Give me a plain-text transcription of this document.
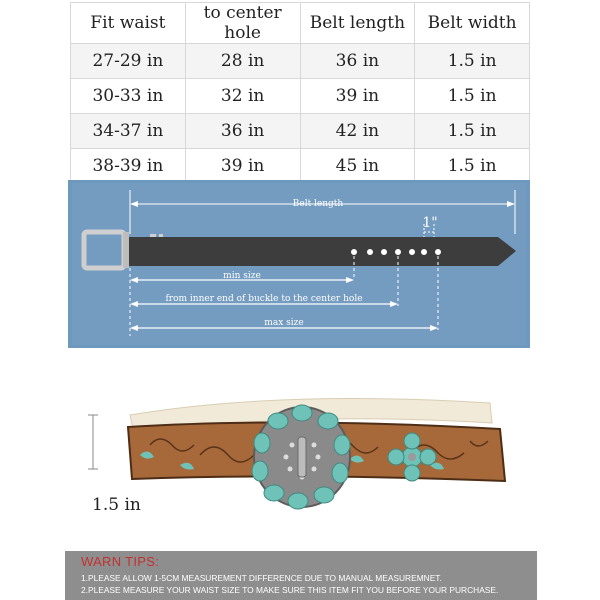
Fit waist	to center hole	Belt length	Belt width
27-29 in	28 in	36 in	1.5 in
30-33 in	32 in	39 in	1.5 in
34-37 in	36 in	42 in	1.5 in
38-39 in	39 in	45 in	1.5 in
Belt length
1"
min size
from inner end of buckle to the center hole
max size
1.5 in
WARN TIPS:
1.PLEASE ALLOW 1-5CM MEASUREMENT DIFFERENCE DUE TO MANUAL MEASUREMNET.
2.PLEASE MEASURE YOUR WAIST SIZE TO MAKE SURE THIS ITEM FIT YOU BEFORE YOUR PURCHASE.
